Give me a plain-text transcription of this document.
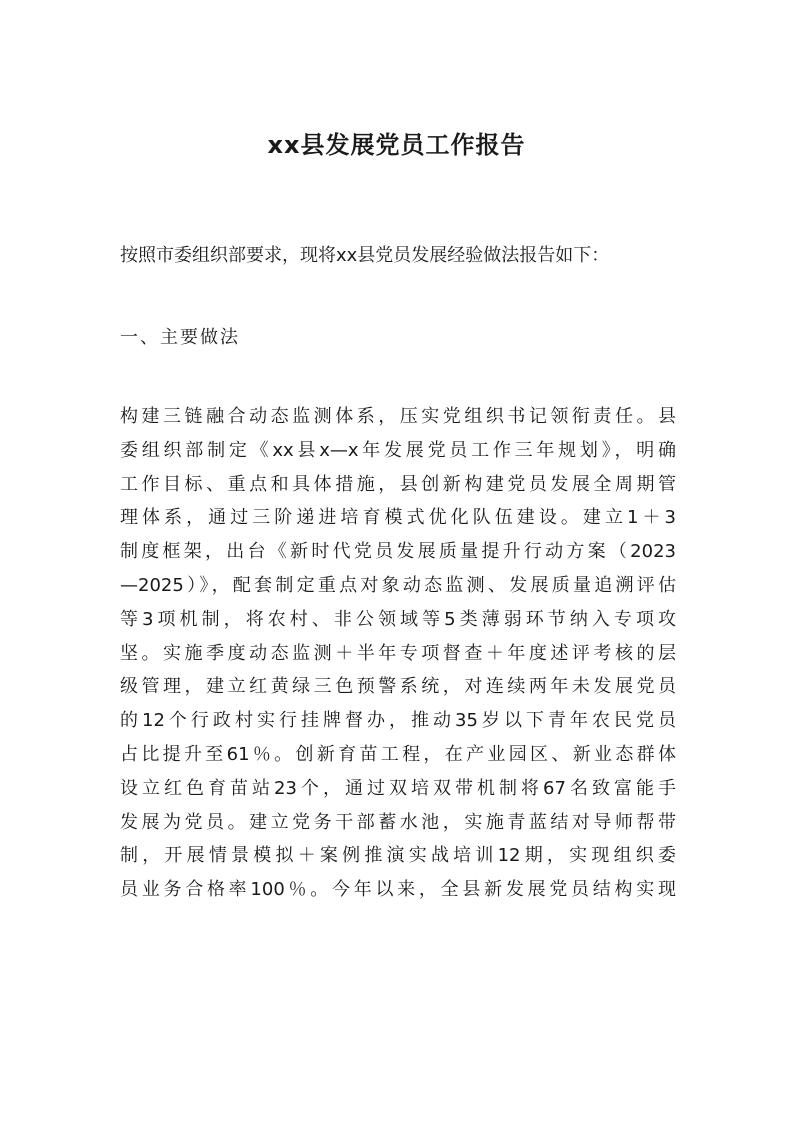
xx县发展党员工作报告

按照市委组织部要求，现将xx县党员发展经验做法报告如下：

一、主要做法

构建三链融合动态监测体系，压实党组织书记领衔责任。县
委组织部制定《xx县x—x年发展党员工作三年规划》，明确
工作目标、重点和具体措施，县创新构建党员发展全周期管
理体系，通过三阶递进培育模式优化队伍建设。建立1＋3
制度框架，出台《新时代党员发展质量提升行动方案（2023
—2025）》，配套制定重点对象动态监测、发展质量追溯评估
等3项机制，将农村、非公领域等5类薄弱环节纳入专项攻
坚。实施季度动态监测＋半年专项督查＋年度述评考核的层
级管理，建立红黄绿三色预警系统，对连续两年未发展党员
的12个行政村实行挂牌督办，推动35岁以下青年农民党员
占比提升至61％。创新育苗工程，在产业园区、新业态群体
设立红色育苗站23个，通过双培双带机制将67名致富能手
发展为党员。建立党务干部蓄水池，实施青蓝结对导师帮带
制，开展情景模拟＋案例推演实战培训12期，实现组织委
员业务合格率100％。今年以来，全县新发展党员结构实现
